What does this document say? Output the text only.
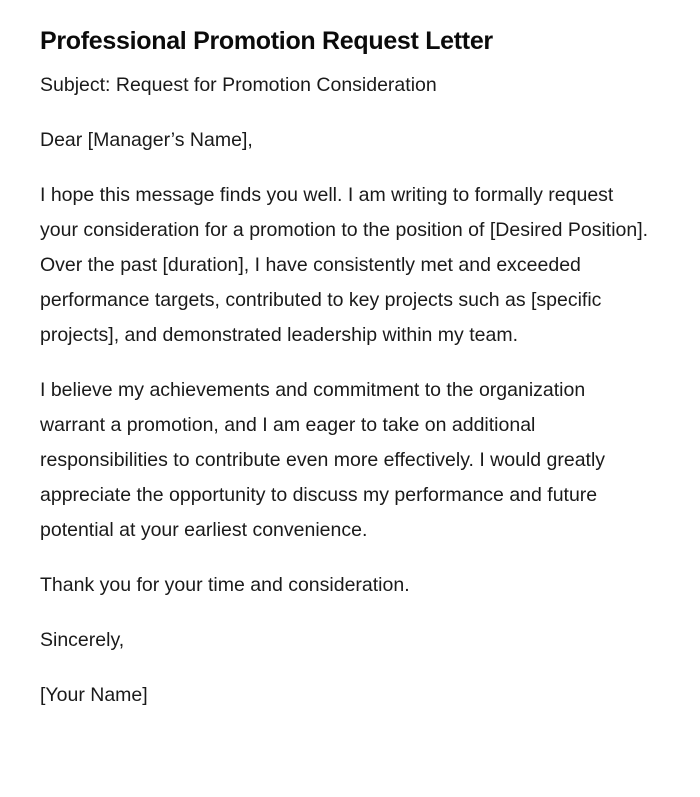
Professional Promotion Request Letter

Subject: Request for Promotion Consideration

Dear [Manager’s Name],

I hope this message finds you well. I am writing to formally request your consideration for a promotion to the position of [Desired Position]. Over the past [duration], I have consistently met and exceeded performance targets, contributed to key projects such as [specific projects], and demonstrated leadership within my team.

I believe my achievements and commitment to the organization warrant a promotion, and I am eager to take on additional responsibilities to contribute even more effectively. I would greatly appreciate the opportunity to discuss my performance and future potential at your earliest convenience.

Thank you for your time and consideration.

Sincerely,

[Your Name]
